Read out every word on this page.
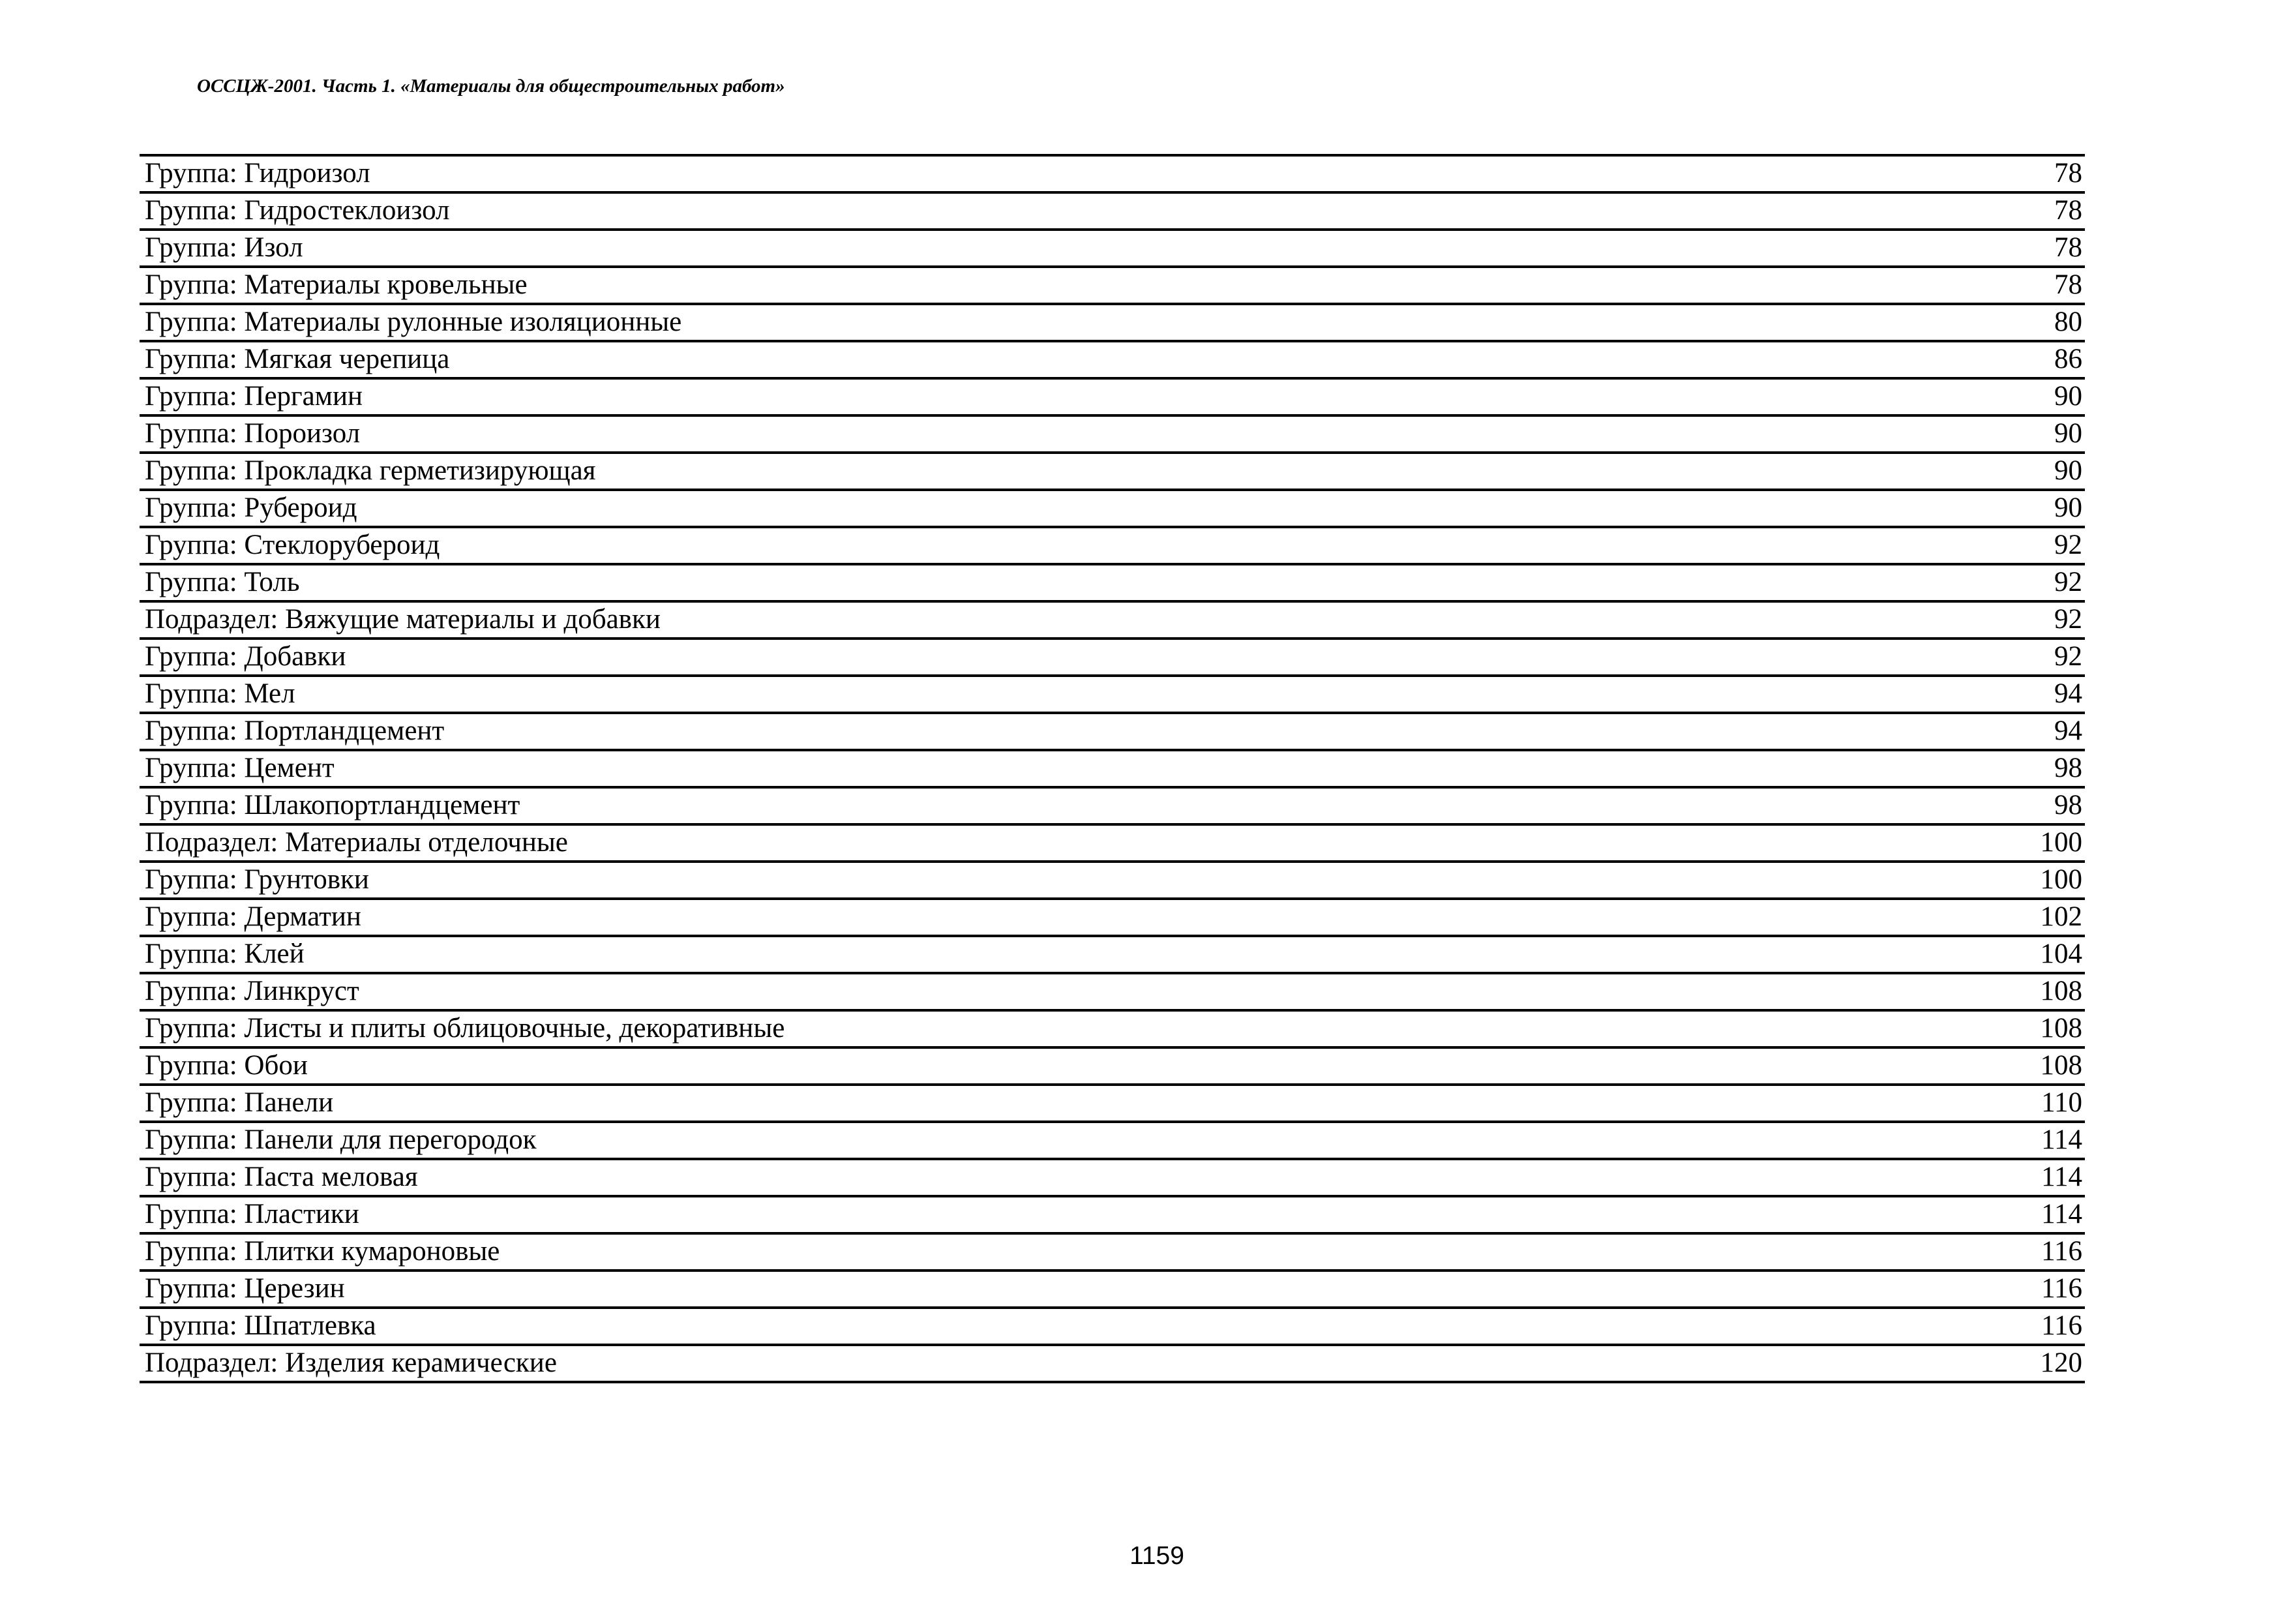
ОССЦЖ-2001. Часть 1. «Материалы для общестроительных работ»
Группа: Гидроизол	78
Группа: Гидростеклоизол	78
Группа: Изол	78
Группа: Материалы кровельные	78
Группа: Материалы рулонные изоляционные	80
Группа: Мягкая черепица	86
Группа: Пергамин	90
Группа: Пороизол	90
Группа: Прокладка герметизирующая	90
Группа: Рубероид	90
Группа: Стеклорубероид	92
Группа: Толь	92
Подраздел: Вяжущие материалы и добавки	92
Группа: Добавки	92
Группа: Мел	94
Группа: Портландцемент	94
Группа: Цемент	98
Группа: Шлакопортландцемент	98
Подраздел: Материалы отделочные	100
Группа: Грунтовки	100
Группа: Дерматин	102
Группа: Клей	104
Группа: Линкруст	108
Группа: Листы и плиты облицовочные, декоративные	108
Группа: Обои	108
Группа: Панели	110
Группа: Панели для перегородок	114
Группа: Паста меловая	114
Группа: Пластики	114
Группа: Плитки кумароновые	116
Группа: Церезин	116
Группа: Шпатлевка	116
Подраздел: Изделия керамические	120
1159
